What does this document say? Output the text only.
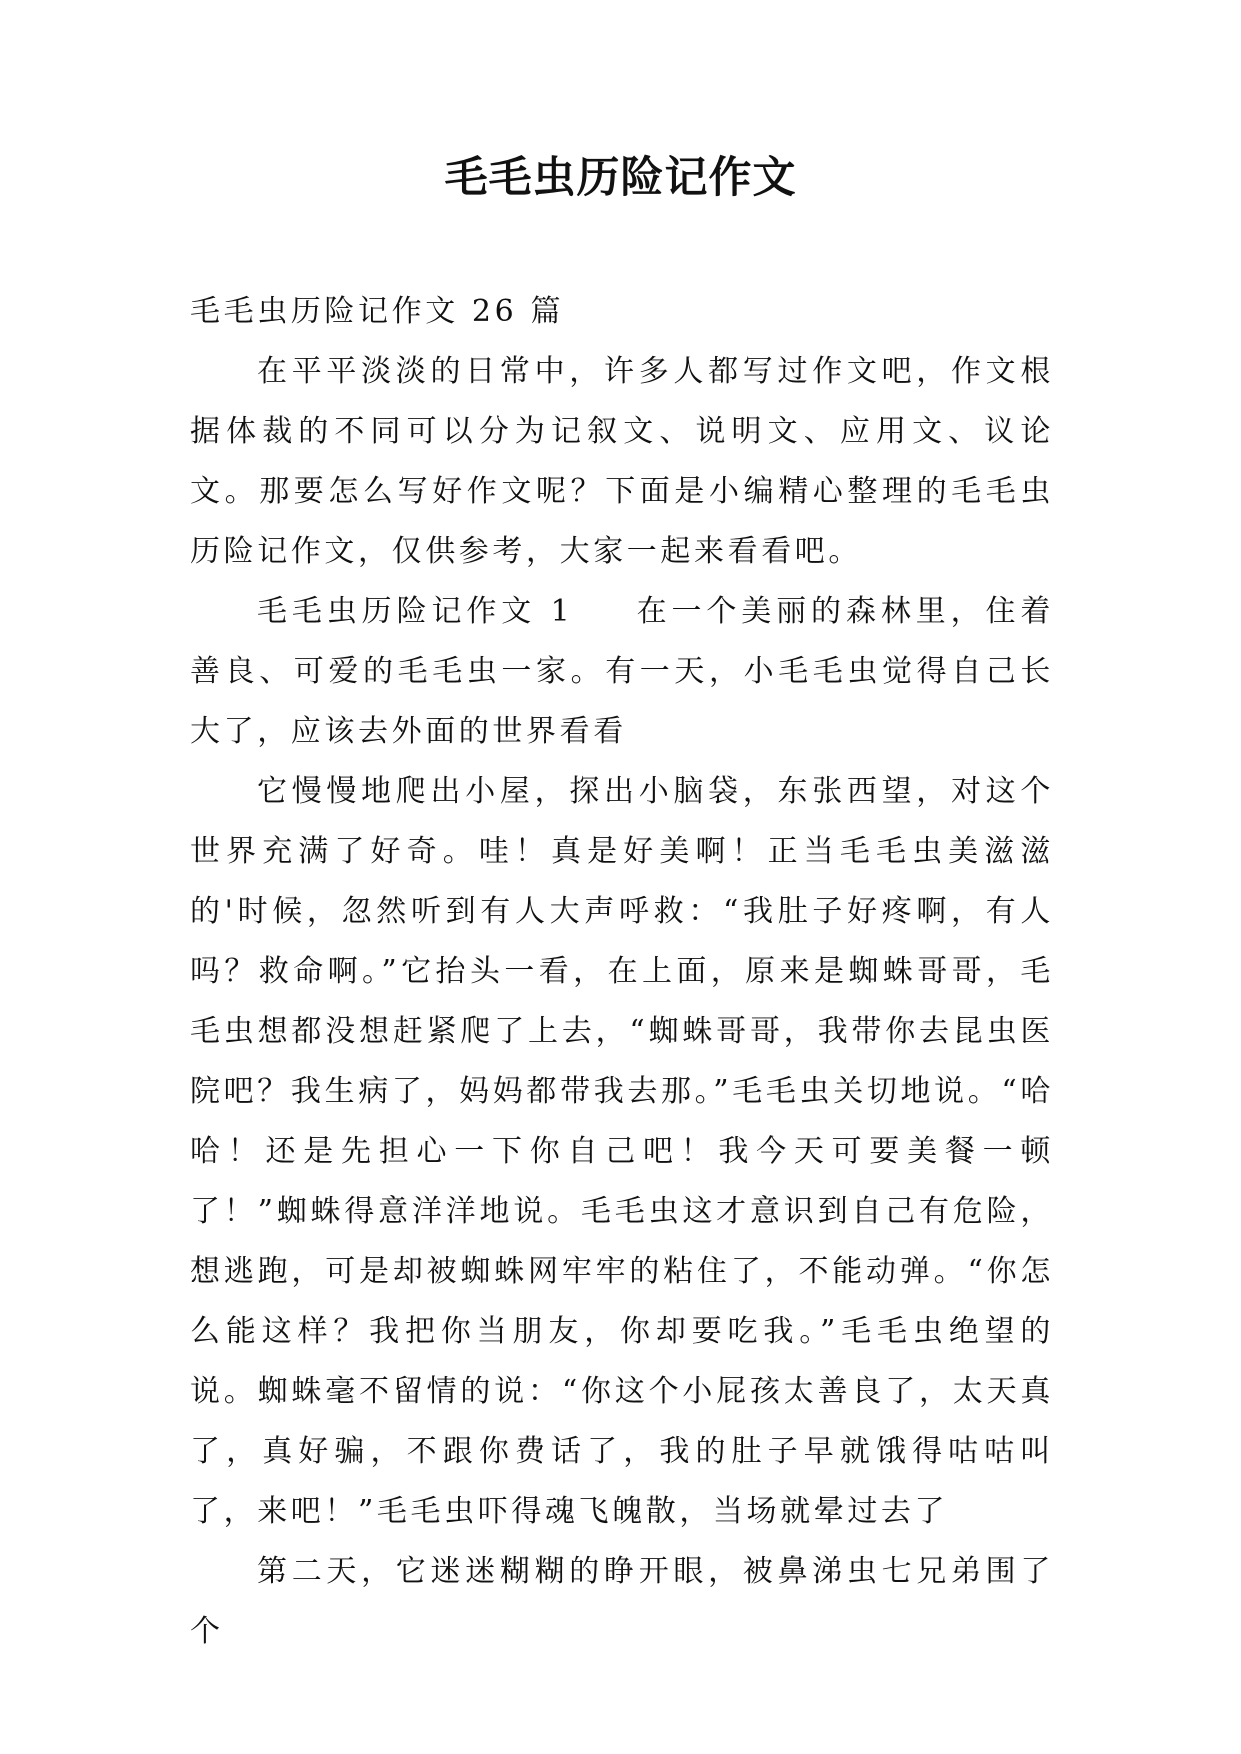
毛毛虫历险记作文

毛毛虫历险记作文 26 篇

在平平淡淡的日常中，许多人都写过作文吧，作文根据体裁的不同可以分为记叙文、说明文、应用文、议论文。那要怎么写好作文呢？下面是小编精心整理的毛毛虫历险记作文，仅供参考，大家一起来看看吧。

毛毛虫历险记作文 1 在一个美丽的森林里，住着善良、可爱的毛毛虫一家。有一天，小毛毛虫觉得自己长大了，应该去外面的世界看看

它慢慢地爬出小屋，探出小脑袋，东张西望，对这个世界充满了好奇。哇！真是好美啊！正当毛毛虫美滋滋的'时候，忽然听到有人大声呼救：“我肚子好疼啊，有人吗？救命啊。”它抬头一看，在上面，原来是蜘蛛哥哥，毛毛虫想都没想赶紧爬了上去，“蜘蛛哥哥，我带你去昆虫医院吧？我生病了，妈妈都带我去那。”毛毛虫关切地说。“哈哈！还是先担心一下你自己吧！我今天可要美餐一顿了！”蜘蛛得意洋洋地说。毛毛虫这才意识到自己有危险，想逃跑，可是却被蜘蛛网牢牢的粘住了，不能动弹。“你怎么能这样？我把你当朋友，你却要吃我。”毛毛虫绝望的说。蜘蛛毫不留情的说：“你这个小屁孩太善良了，太天真了，真好骗，不跟你费话了，我的肚子早就饿得咕咕叫了，来吧！”毛毛虫吓得魂飞魄散，当场就晕过去了

第二天，它迷迷糊糊的睁开眼，被鼻涕虫七兄弟围了个
